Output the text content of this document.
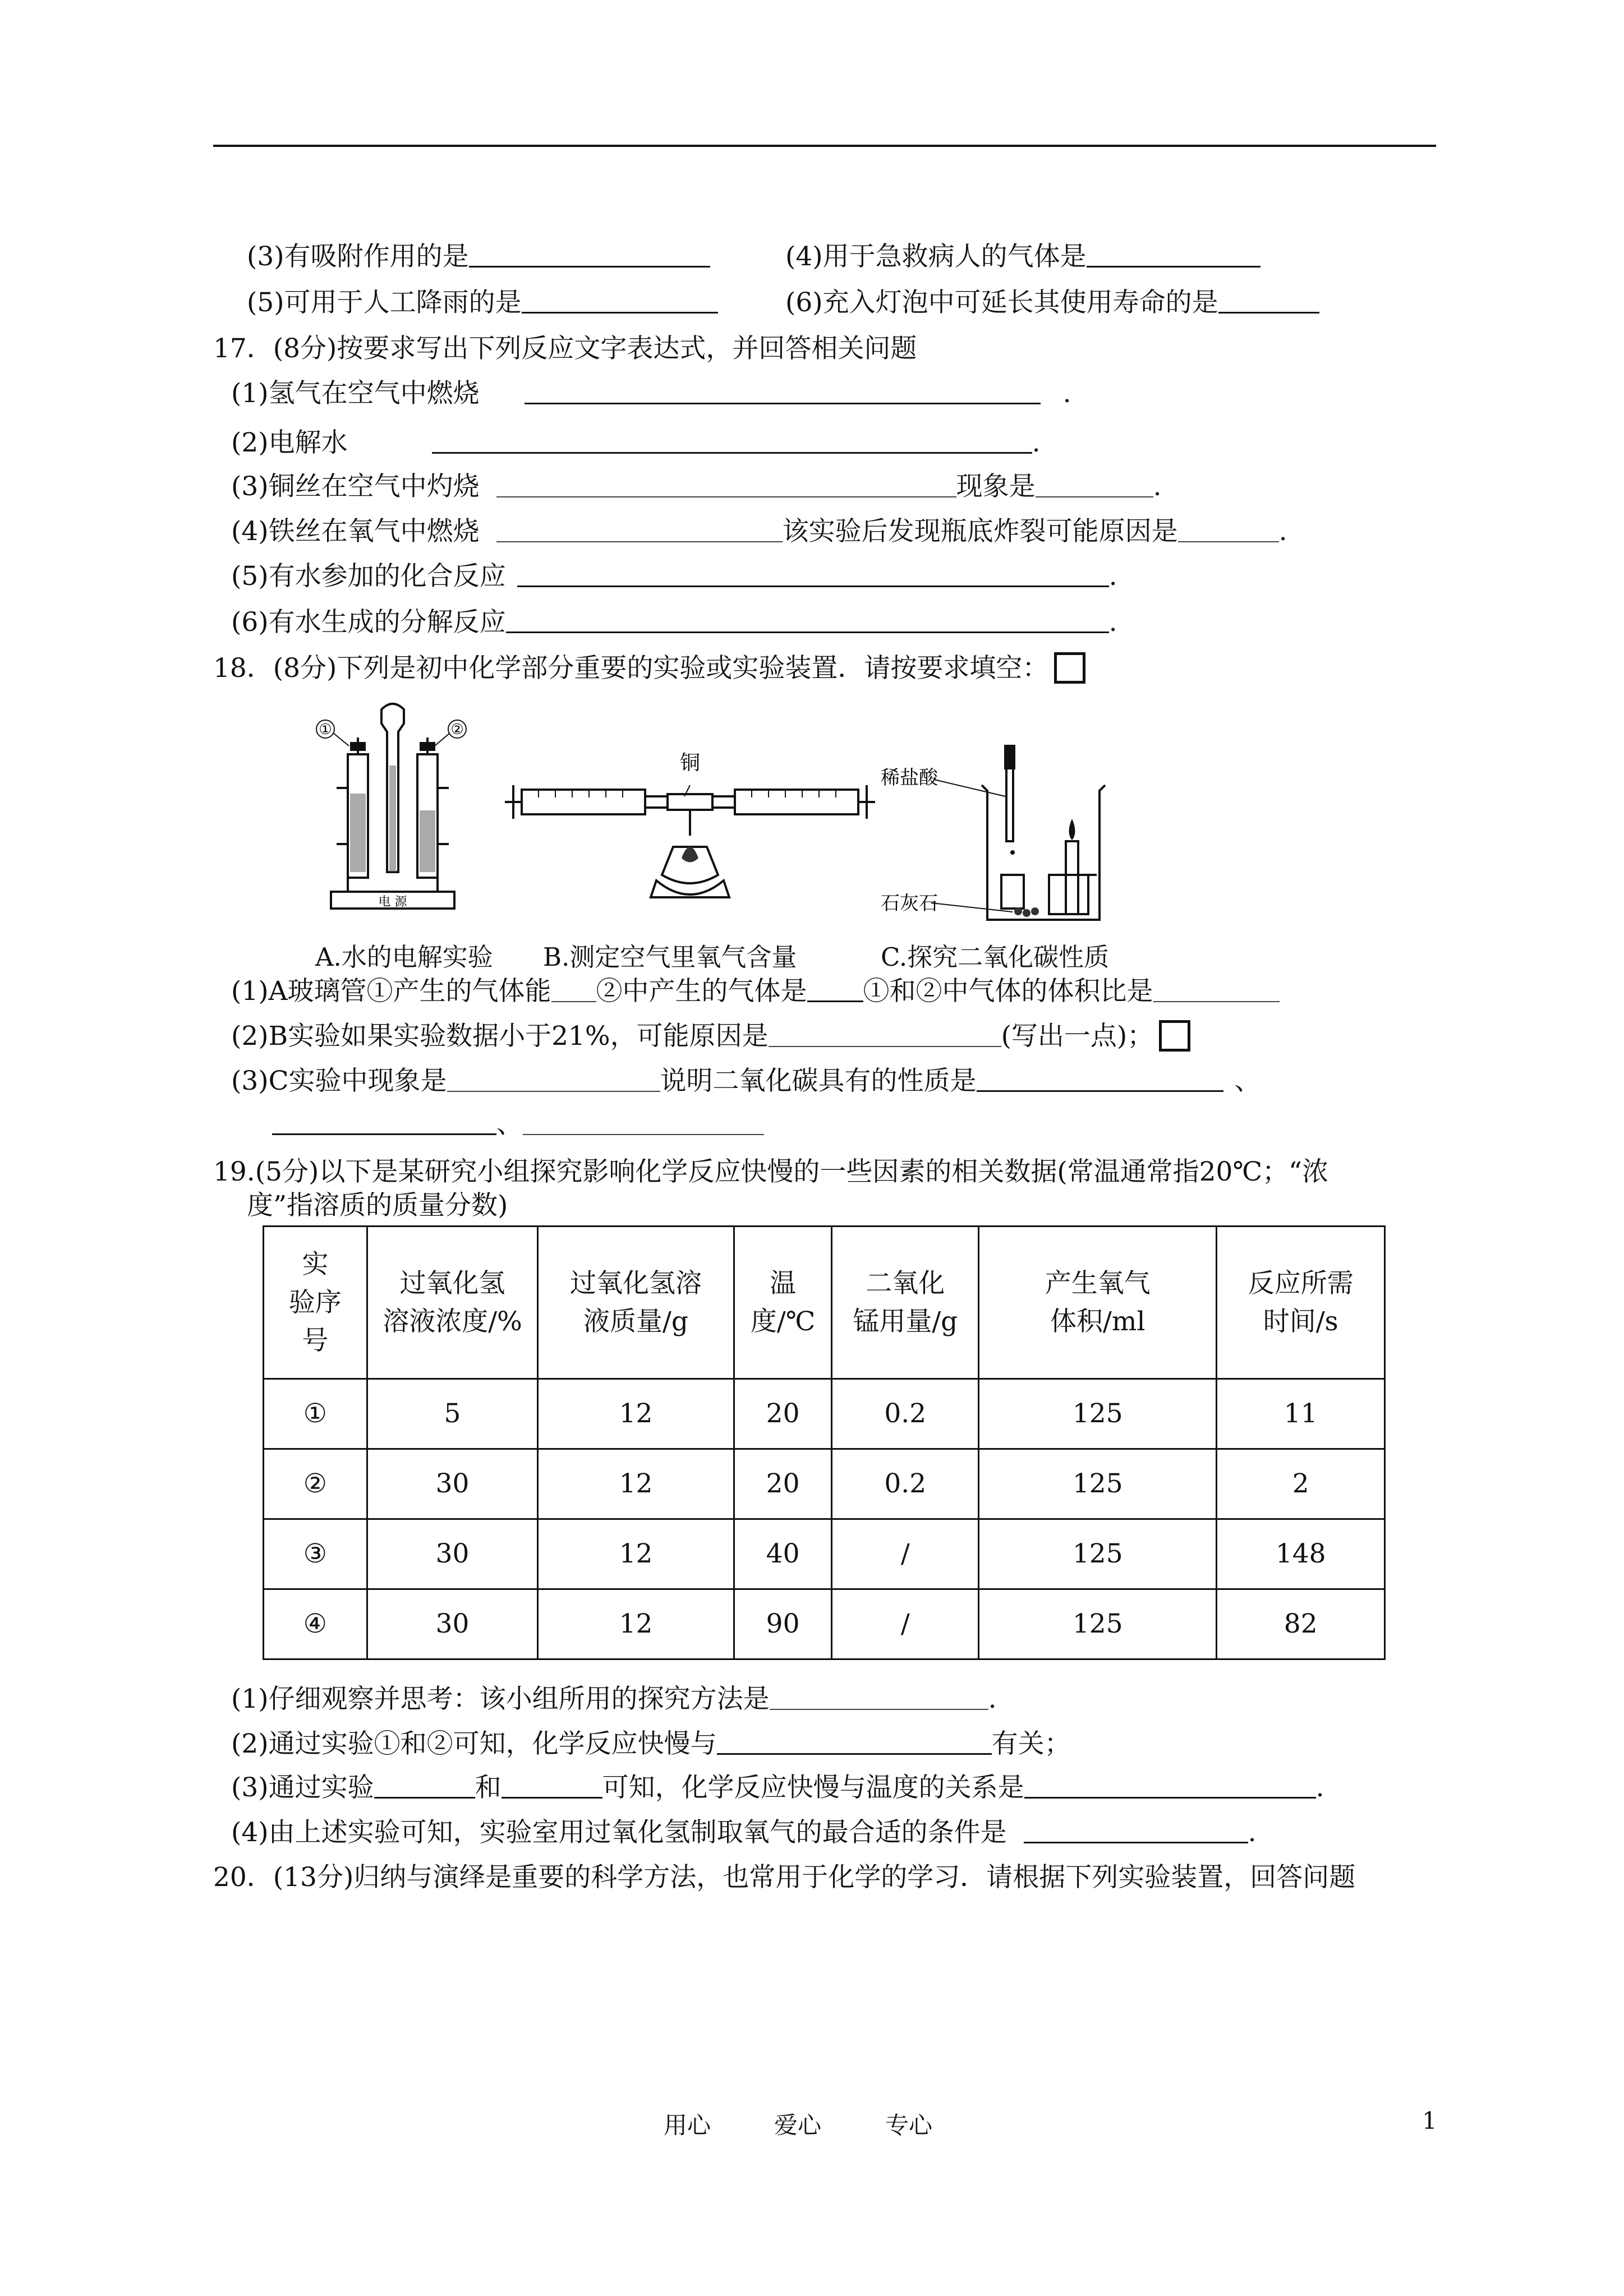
(3)有吸附作用的是	(4)用于急救病人的气体是
(5)可用于人工降雨的是	(6)充入灯泡中可延长其使用寿命的是
17．(8分)按要求写出下列反应文字表达式，并回答相关问题
(1)氢气在空气中燃烧	.
(2)电解水	.
(3)铜丝在空气中灼烧	现象是	.
(4)铁丝在氧气中燃烧	该实验后发现瓶底炸裂可能原因是	.
(5)有水参加的化合反应	.
(6)有水生成的分解反应	.
18．(8分)下列是初中化学部分重要的实验或实验装置．请按要求填空：
①	②
电 源
铜
稀盐酸
石灰石
A.水的电解实验 B.测定空气里氧气含量	C.探究二氧化碳性质
(1)A玻璃管①产生的气体能 ②中产生的气体是 ①和②中气体的体积比是
(2)B实验如果实验数据小于21%，可能原因是	(写出一点)；
(3)C实验中现象是	说明二氧化碳具有的性质是	、
、
19.(5分)以下是某研究小组探究影响化学反应快慢的一些因素的相关数据(常温通常指20℃；“浓
度”指溶质的质量分数)
实
验序
号	过氧化氢
溶液浓度/%	过氧化氢溶
液质量/g	温
度/℃	二氧化
锰用量/g	产生氧气
体积/ml	反应所需
时间/s
①	5	12	20	0.2	125	11
②	30	12	20	0.2	125	2
③	30	12	40	/	125	148
④	30	12	90	/	125	82
(1)仔细观察并思考：该小组所用的探究方法是	.
(2)通过实验①和②可知，化学反应快慢与	有关；
(3)通过实验	和	可知，化学反应快慢与温度的关系是	.
(4)由上述实验可知，实验室用过氧化氢制取氧气的最合适的条件是	.
20．(13分)归纳与演绎是重要的科学方法，也常用于化学的学习．请根据下列实验装置，回答问题
用心	爱心	专心	1
